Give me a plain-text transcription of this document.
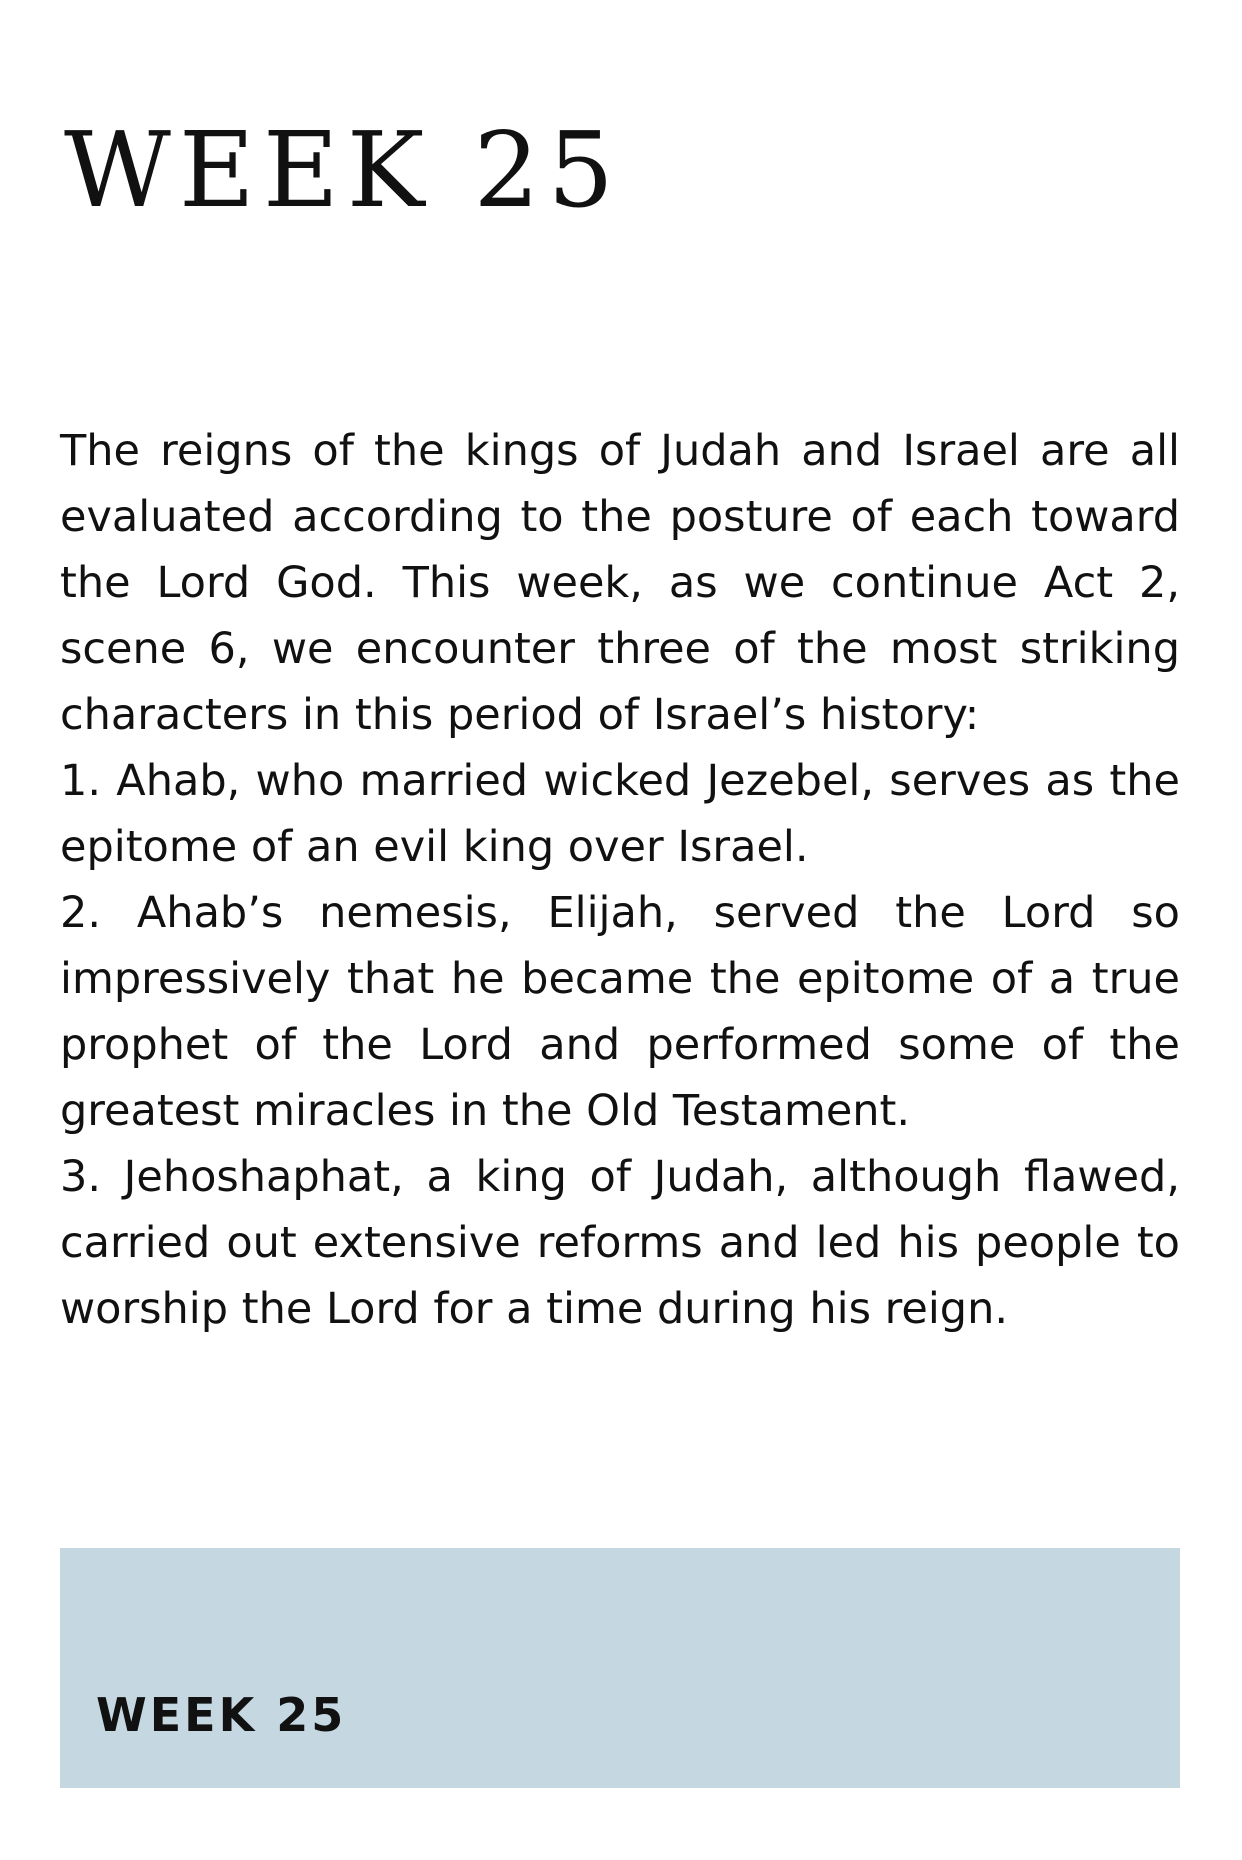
WEEK 25

The reigns of the kings of Judah and Israel are all evaluated according to the posture of each toward the Lord God. This week, as we continue Act 2, scene 6, we encounter three of the most striking characters in this period of Israel’s history:

1. Ahab, who married wicked Jezebel, serves as the epitome of an evil king over Israel.

2. Ahab’s nemesis, Elijah, served the Lord so impressively that he became the epitome of a true prophet of the Lord and performed some of the greatest miracles in the Old Testament.

3. Jehoshaphat, a king of Judah, although flawed, carried out extensive reforms and led his people to worship the Lord for a time during his reign.

WEEK 25
